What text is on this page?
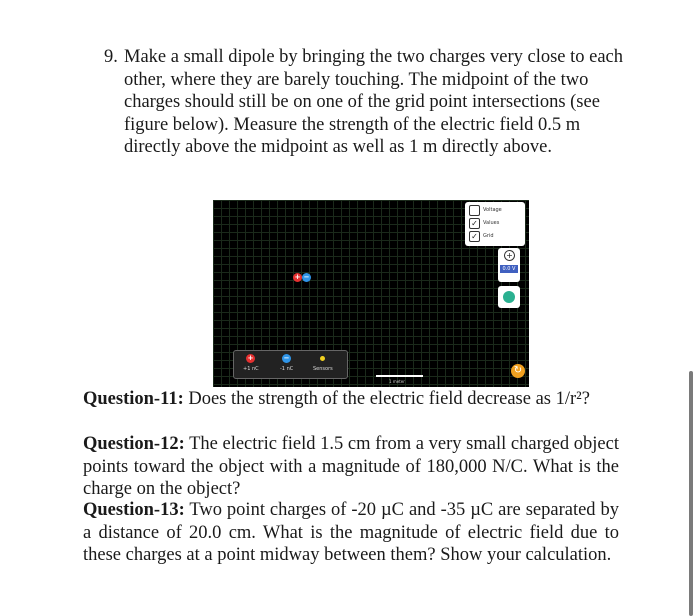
9. Make a small dipole by bringing the two charges very close to each other, where they are barely touching. The midpoint of the two charges should still be on one of the grid point intersections (see figure below). Measure the strength of the electric field 0.5 m directly above the midpoint as well as 1 m directly above.
Voltage
✓	Values
✓	Grid
+
0.0 V
+ −
+	−
+1 nC	-1 nC	Sensors
1 meter
↻
Question-11: Does the strength of the electric field decrease as 1/r²?
Question-12: The electric field 1.5 cm from a very small charged object points toward the object with a magnitude of 180,000 N/C. What is the charge on the object?
Question-13: Two point charges of -20 µC and -35 µC are separated by a distance of 20.0 cm. What is the magnitude of electric field due to these charges at a point midway between them? Show your calculation.
